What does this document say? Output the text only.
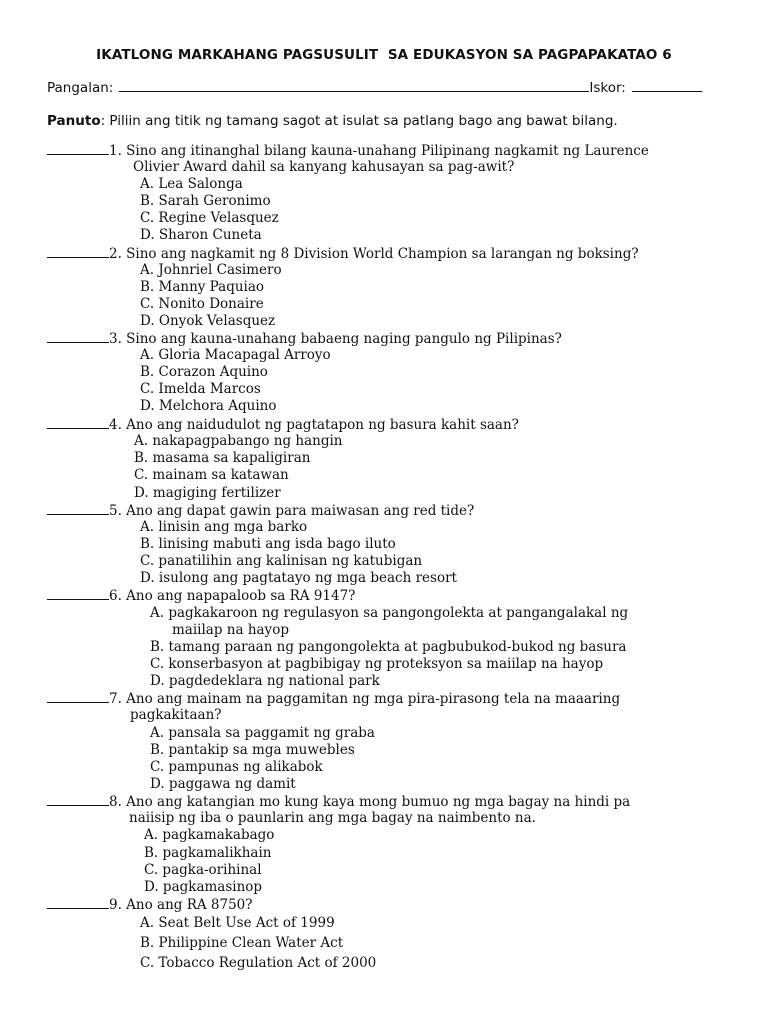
IKATLONG MARKAHANG PAGSUSULIT  SA EDUKASYON SA PAGPAPAKATAO 6
Pangalan:	Iskor:
Panuto: Piliin ang titik ng tamang sagot at isulat sa patlang bago ang bawat bilang.
1. Sino ang itinanghal bilang kauna-unahang Pilipinang nagkamit ng Laurence
Olivier Award dahil sa kanyang kahusayan sa pag-awit?
A. Lea Salonga
B. Sarah Geronimo
C. Regine Velasquez
D. Sharon Cuneta
2. Sino ang nagkamit ng 8 Division World Champion sa larangan ng boksing?
A. Johnriel Casimero
B. Manny Paquiao
C. Nonito Donaire
D. Onyok Velasquez
3. Sino ang kauna-unahang babaeng naging pangulo ng Pilipinas?
A. Gloria Macapagal Arroyo
B. Corazon Aquino
C. Imelda Marcos
D. Melchora Aquino
4. Ano ang naidudulot ng pagtatapon ng basura kahit saan?
A. nakapagpabango ng hangin
B. masama sa kapaligiran
C. mainam sa katawan
D. magiging fertilizer
5. Ano ang dapat gawin para maiwasan ang red tide?
A. linisin ang mga barko
B. linising mabuti ang isda bago iluto
C. panatilihin ang kalinisan ng katubigan
D. isulong ang pagtatayo ng mga beach resort
6. Ano ang napapaloob sa RA 9147?
A. pagkakaroon ng regulasyon sa pangongolekta at pangangalakal ng
maiilap na hayop
B. tamang paraan ng pangongolekta at pagbubukod-bukod ng basura
C. konserbasyon at pagbibigay ng proteksyon sa maiilap na hayop
D. pagdedeklara ng national park
7. Ano ang mainam na paggamitan ng mga pira-pirasong tela na maaaring
pagkakitaan?
A. pansala sa paggamit ng graba
B. pantakip sa mga muwebles
C. pampunas ng alikabok
D. paggawa ng damit
8. Ano ang katangian mo kung kaya mong bumuo ng mga bagay na hindi pa
naiisip ng iba o paunlarin ang mga bagay na naimbento na.
A. pagkamakabago
B. pagkamalikhain
C. pagka-orihinal
D. pagkamasinop
9. Ano ang RA 8750?
A. Seat Belt Use Act of 1999
B. Philippine Clean Water Act
C. Tobacco Regulation Act of 2000
